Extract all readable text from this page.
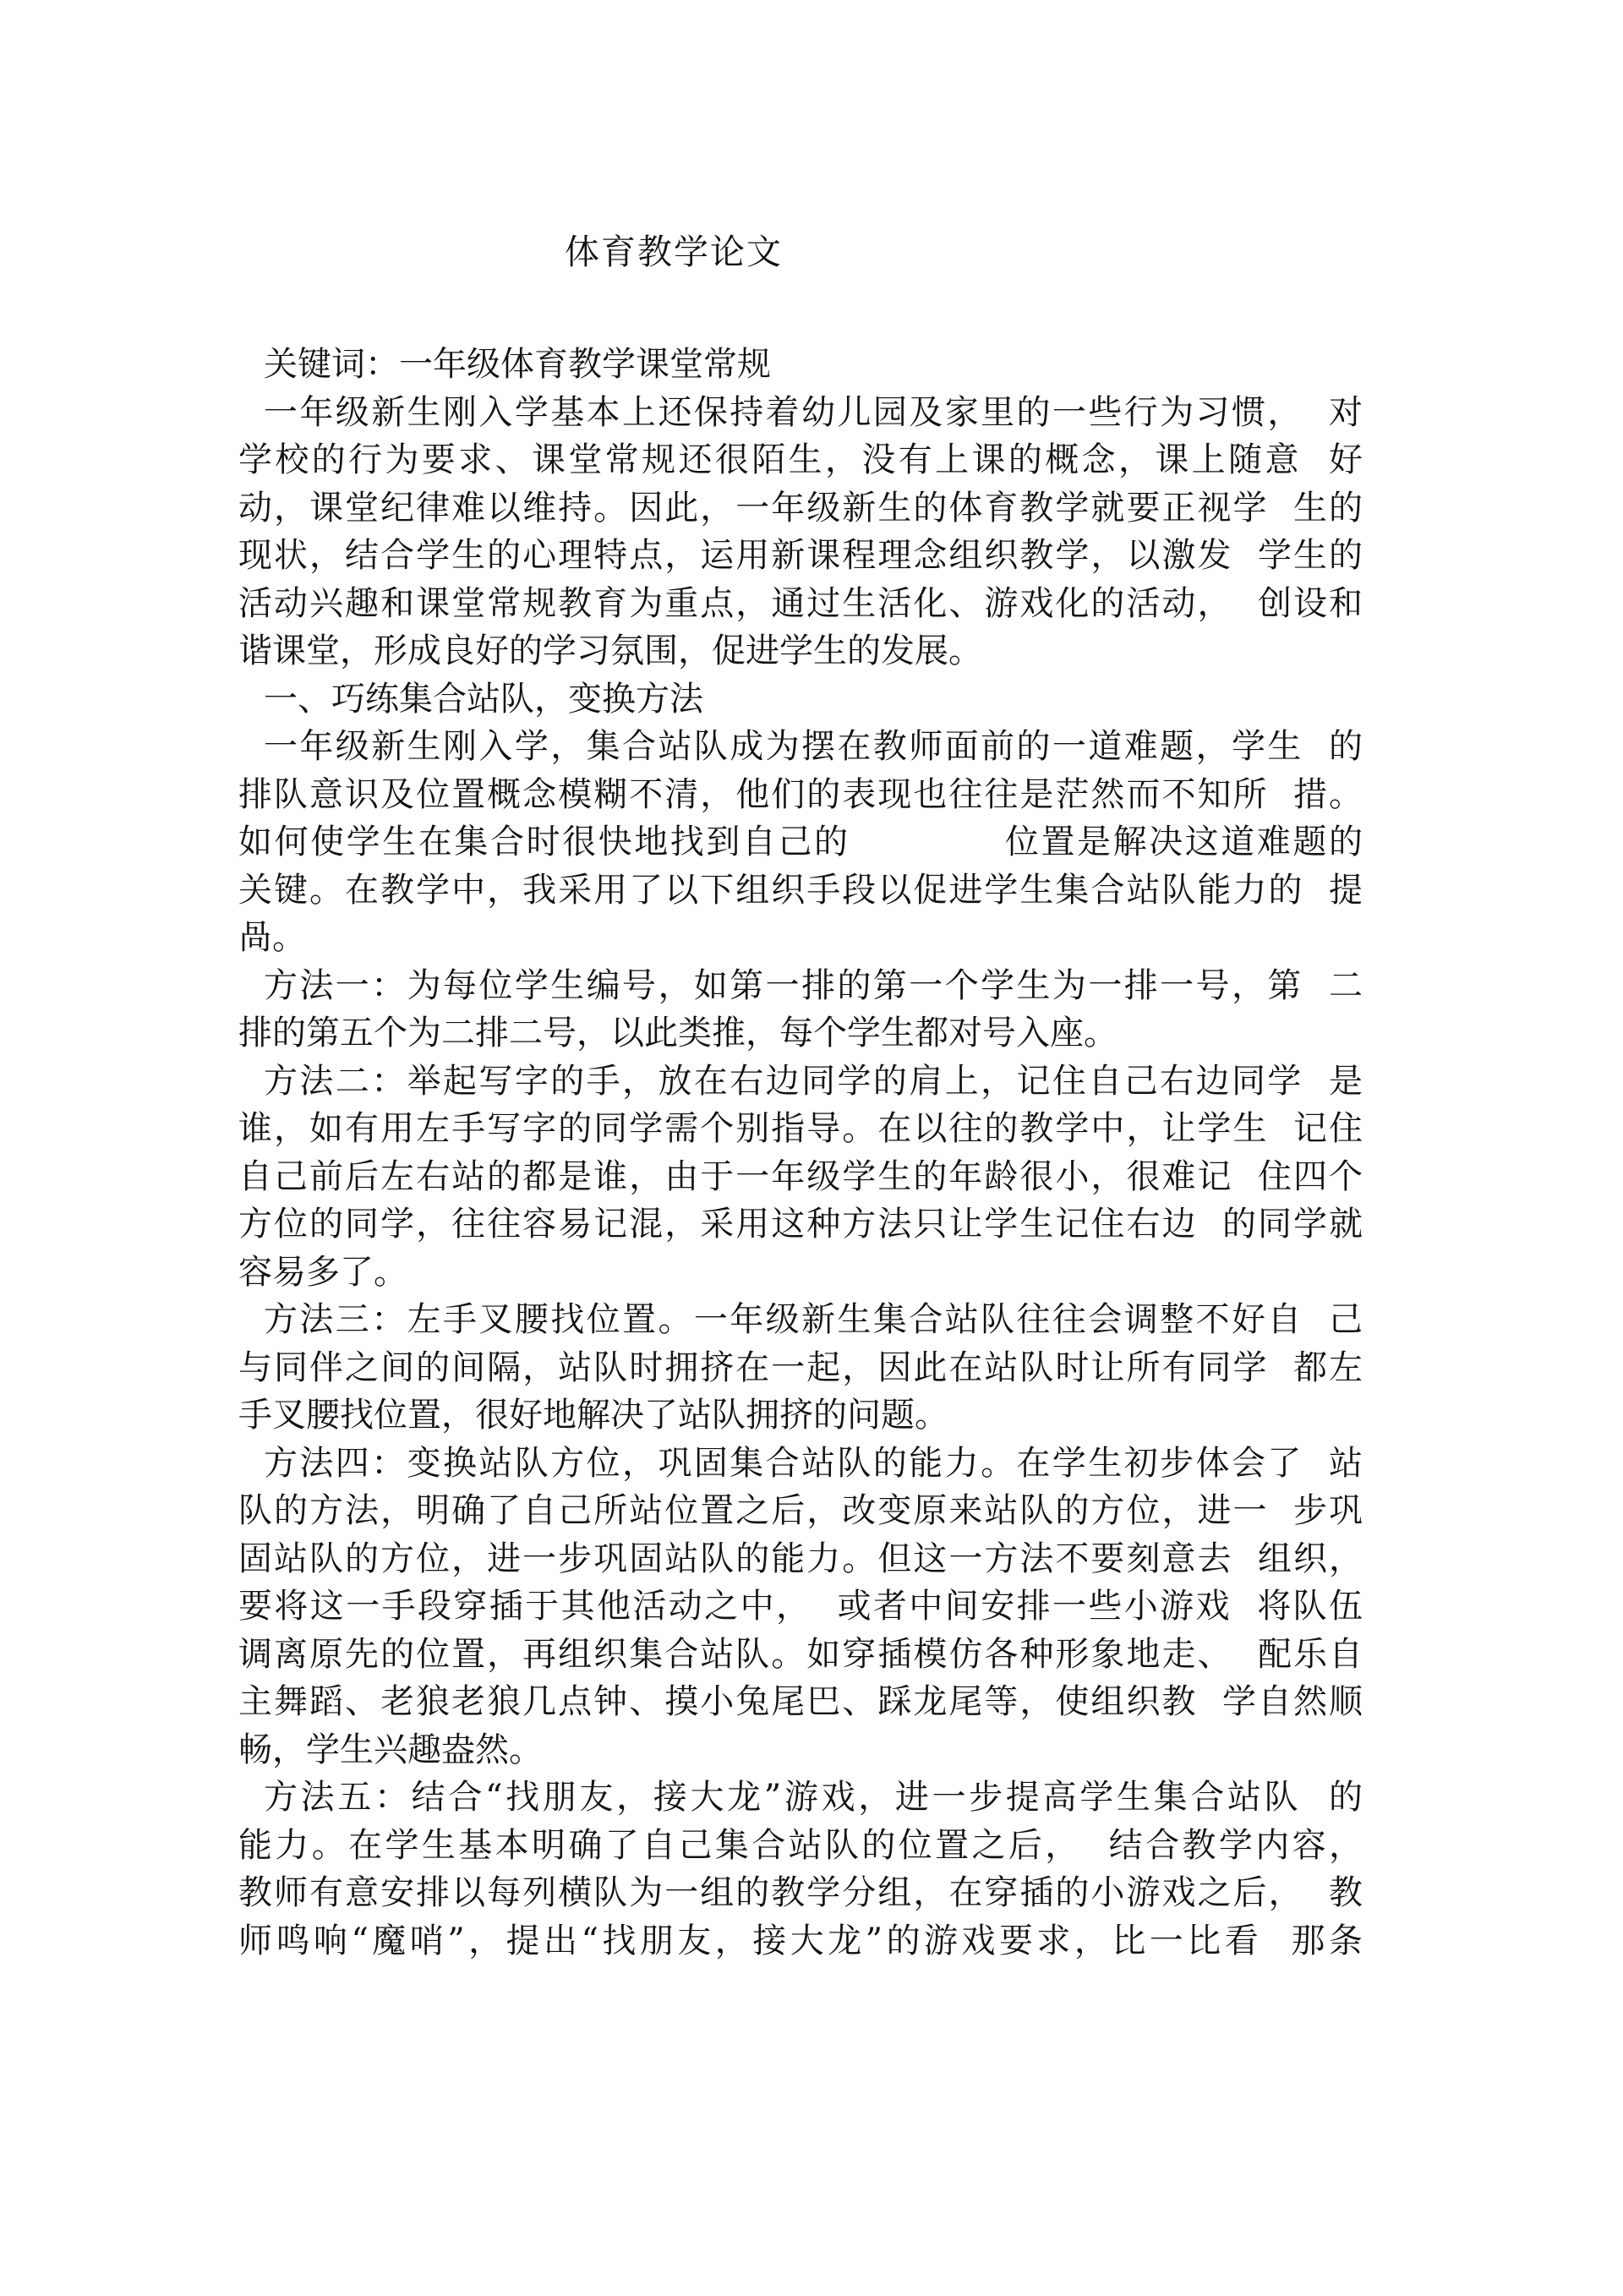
体育教学论文
关键词：一年级体育教学课堂常规
一年级新生刚入学基本上还保持着幼儿园及家里的一些行为习惯，  对
学校的行为要求、课堂常规还很陌生，没有上课的概念，课上随意  好
动，课堂纪律难以维持。因此，一年级新生的体育教学就要正视学  生的
现状，结合学生的心理特点，运用新课程理念组织教学，以激发  学生的
活动兴趣和课堂常规教育为重点，通过生活化、游戏化的活动，  创设和
谐课堂，形成良好的学习氛围，促进学生的发展。
一、巧练集合站队，变换方法
一年级新生刚入学，集合站队成为摆在教师面前的一道难题，学生  的
排队意识及位置概念模糊不清，他们的表现也往往是茫然而不知所  措。
如何使学生在集合时很快地找到自己的            位置是解决这道难题的
关键。在教学中，我采用了以下组织手段以促进学生集合站队能力的  提
咼。
方法一：为每位学生编号，如第一排的第一个学生为一排一号，第  二
排的第五个为二排二号，以此类推，每个学生都对号入座。
方法二：举起写字的手，放在右边同学的肩上，记住自己右边同学  是
谁，如有用左手写字的同学需个别指导。在以往的教学中，让学生  记住
自己前后左右站的都是谁，由于一年级学生的年龄很小，很难记  住四个
方位的同学，往往容易记混，采用这种方法只让学生记住右边  的同学就
容易多了。
方法三：左手叉腰找位置。一年级新生集合站队往往会调整不好自  己
与同伴之间的间隔，站队时拥挤在一起，因此在站队时让所有同学  都左
手叉腰找位置，很好地解决了站队拥挤的问题。
方法四：变换站队方位，巩固集合站队的能力。在学生初步体会了  站
队的方法，明确了自己所站位置之后，改变原来站队的方位，进一  步巩
固站队的方位，进一步巩固站队的能力。但这一方法不要刻意去  组织，
要将这一手段穿插于其他活动之中，  或者中间安排一些小游戏  将队伍
调离原先的位置，再组织集合站队。如穿插模仿各种形象地走、  配乐自
主舞蹈、老狼老狼几点钟、摸小兔尾巴、踩龙尾等，使组织教  学自然顺
畅，学生兴趣盎然。
方法五：结合“找朋友，接大龙”游戏，进一步提高学生集合站队  的
能力。在学生基本明确了自己集合站队的位置之后，  结合教学内容，
教师有意安排以每列横队为一组的教学分组，在穿插的小游戏之后，  教
师鸣响“魔哨”，提出“找朋友，接大龙”的游戏要求，比一比看  那条
